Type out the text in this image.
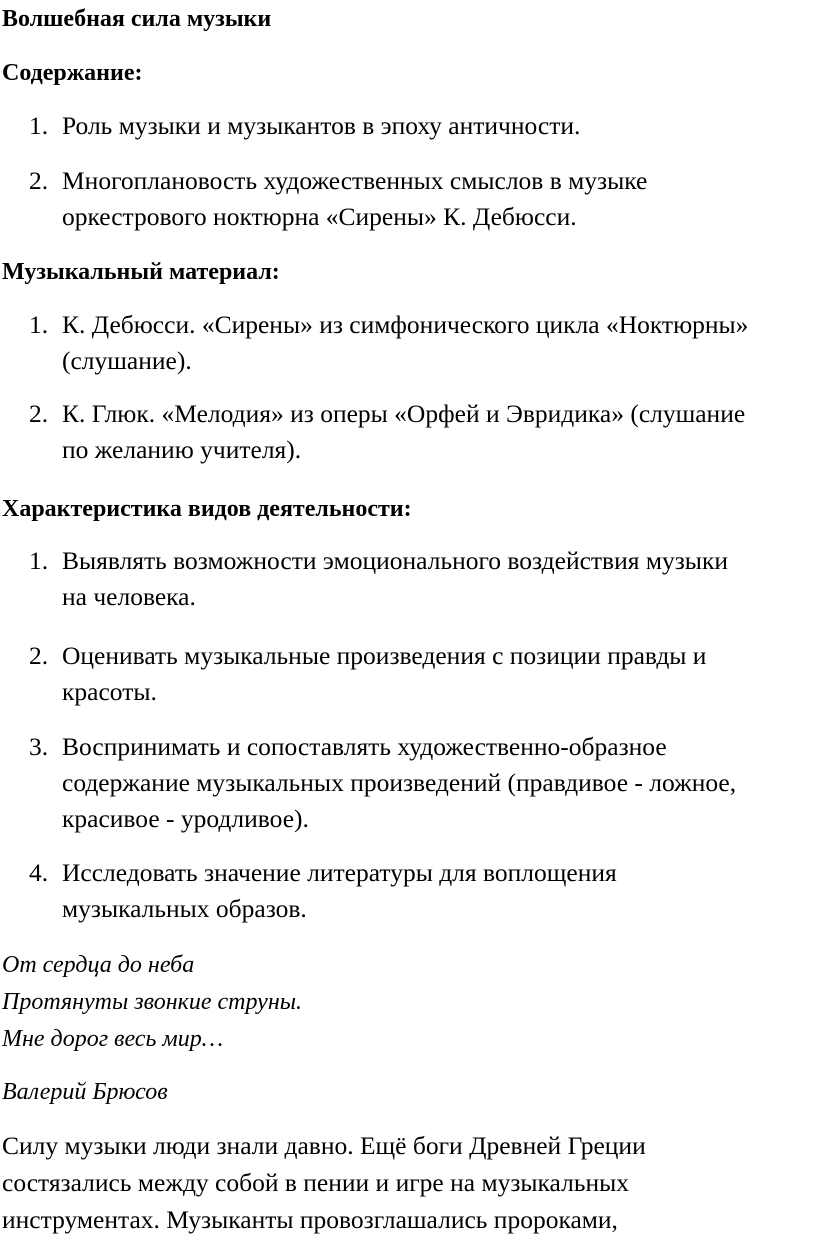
Волшебная сила музыки

Содержание:

1. Роль музыки и музыкантов в эпоху античности.
2. Многоплановость художественных смыслов в музыке
оркестрового ноктюрна «Сирены» К. Дебюсси.

Музыкальный материал:

1. К. Дебюсси. «Сирены» из симфонического цикла «Ноктюрны»
(слушание).
2. К. Глюк. «Мелодия» из оперы «Орфей и Эвридика» (слушание
по желанию учителя).

Характеристика видов деятельности:

1. Выявлять возможности эмоционального воздействия музыки
на человека.
2. Оценивать музыкальные произведения с позиции правды и
красоты.
3. Воспринимать и сопоставлять художественно-образное
содержание музыкальных произведений (правдивое - ложное,
красивое - уродливое).
4. Исследовать значение литературы для воплощения
музыкальных образов.
От сердца до неба
Протянуты звонкие струны.
Мне дорог весь мир…

Валерий Брюсов

Силу музыки люди знали давно. Ещё боги Древней Греции
состязались между собой в пении и игре на музыкальных
инструментах. Музыканты провозглашались пророками,
